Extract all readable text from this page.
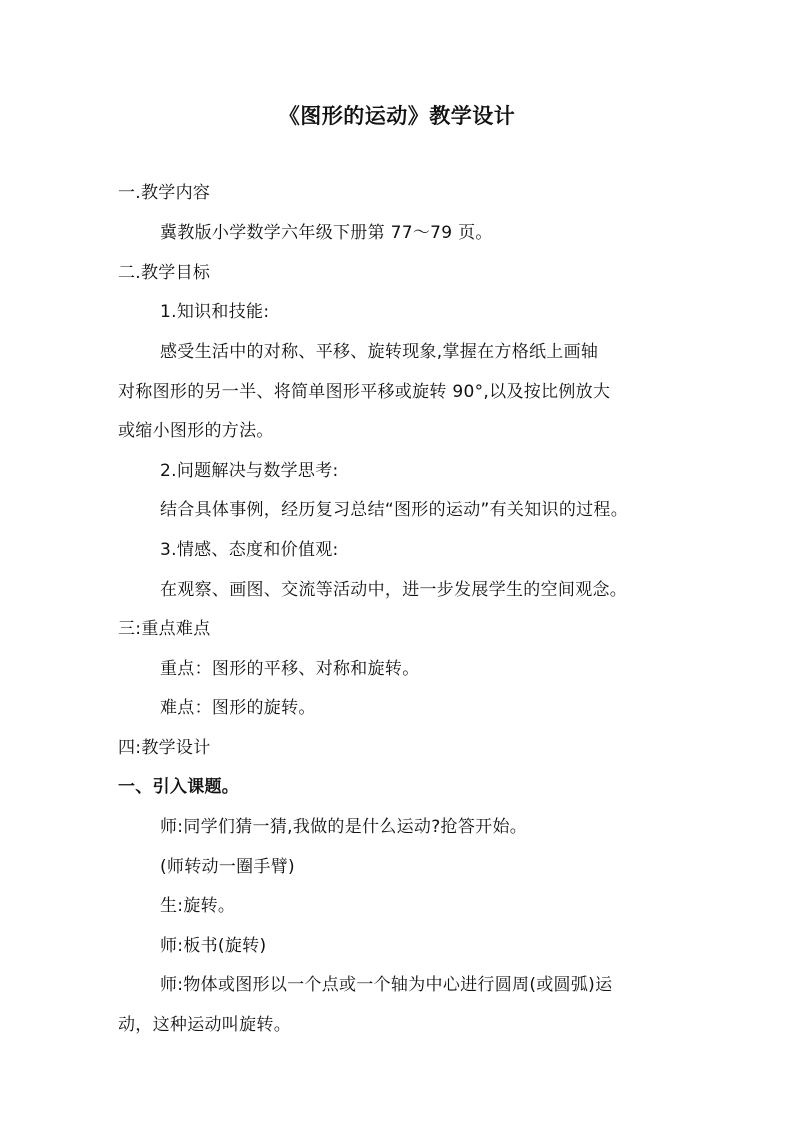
《图形的运动》教学设计
一.教学内容
冀教版小学数学六年级下册第 77～79 页。
二.教学目标
1.知识和技能:
感受生活中的对称、平移、旋转现象,掌握在方格纸上画轴
对称图形的另一半、将简单图形平移或旋转 90°,以及按比例放大
或缩小图形的方法。
2.问题解决与数学思考:
结合具体事例，经历复习总结“图形的运动”有关知识的过程。
3.情感、态度和价值观:
在观察、画图、交流等活动中，进一步发展学生的空间观念。
三:重点难点
重点：图形的平移、对称和旋转。
难点：图形的旋转。
四:教学设计
一、引入课题。
师:同学们猜一猜,我做的是什么运动?抢答开始。
(师转动一圈手臂)
生:旋转。
师:板书(旋转)
师:物体或图形以一个点或一个轴为中心进行圆周(或圆弧)运
动，这种运动叫旋转。
